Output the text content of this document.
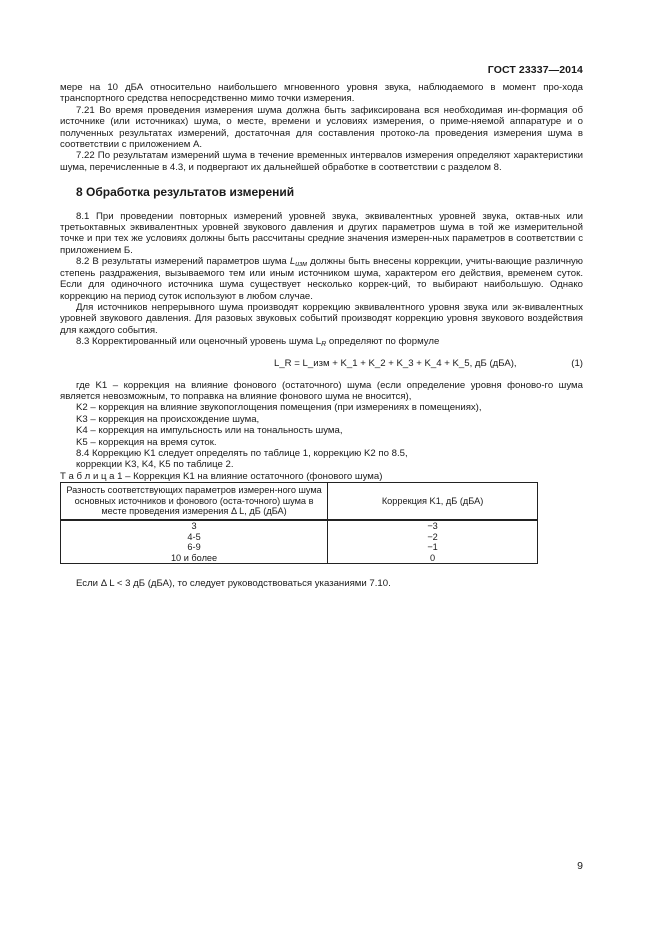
ГОСТ 23337—2014

мере на 10 дБА относительно наибольшего мгновенного уровня звука, наблюдаемого в момент про-хода транспортного средства непосредственно мимо точки измерения.

7.21 Во время проведения измерения шума должна быть зафиксирована вся необходимая ин-формация об источнике (или источниках) шума, о месте, времени и условиях измерения, о приме-няемой аппаратуре и о полученных результатах измерений, достаточная для составления протоко-ла проведения измерения шума в соответствии с приложением А.

7.22 По результатам измерений шума в течение временных интервалов измерения определяют характеристики шума, перечисленные в 4.3, и подвергают их дальнейшей обработке в соответствии с разделом 8.

8 Обработка результатов измерений

8.1 При проведении повторных измерений уровней звука, эквивалентных уровней звука, октав-ных или третьоктавных эквивалентных уровней звукового давления и других параметров шума в той же измерительной точке и при тех же условиях должны быть рассчитаны средние значения измерен-ных параметров в соответствии с приложением Б.

8.2 В результаты измерений параметров шума $L_{изм}$ должны быть внесены коррекции, учиты-вающие различную степень раздражения, вызываемого тем или иным источником шума, характером его действия, временем суток. Если для одиночного источника шума существует несколько коррек-ций, то выбирают наибольшую. Однако коррекцию на период суток используют в любом случае.

Для источников непрерывного шума производят коррекцию эквивалентного уровня звука или эк-вивалентных уровней звукового давления. Для разовых звуковых событий производят коррекцию уровня звукового воздействия для каждого события.

8.3 Корректированный или оценочный уровень шума $L_R$ определяют по формуле

L_R = L_изм + K_1 + K_2 + K_3 + K_4 + K_5, дБ (дБА),	(1)

где K1 – коррекция на влияние фонового (остаточного) шума (если определение уровня фоново-го шума является невозможным, то поправка на влияние фонового шума не вносится),

K2 – коррекция на влияние звукопоглощения помещения (при измерениях в помещениях),

K3 – коррекция на происхождение шума,

K4 – коррекция на импульсность или на тональность шума,

K5 – коррекция на время суток.

8.4 Коррекцию K1 следует определять по таблице 1, коррекцию K2 по 8.5,

коррекции K3, K4, K5 по таблице 2.

Т а б л и ц а 1 – Коррекция K1 на влияние остаточного (фонового шума)

Разность соответствующих параметров измерен-ного шума основных источников и фонового (оста-точного) шума в месте проведения измерения Δ L, дБ (дБА)	Коррекция K1, дБ (дБА)
3	−3
4-5	−2
6-9	−1
10 и более	0

Если Δ L < 3 дБ (дБА), то следует руководствоваться указаниями 7.10.

9
